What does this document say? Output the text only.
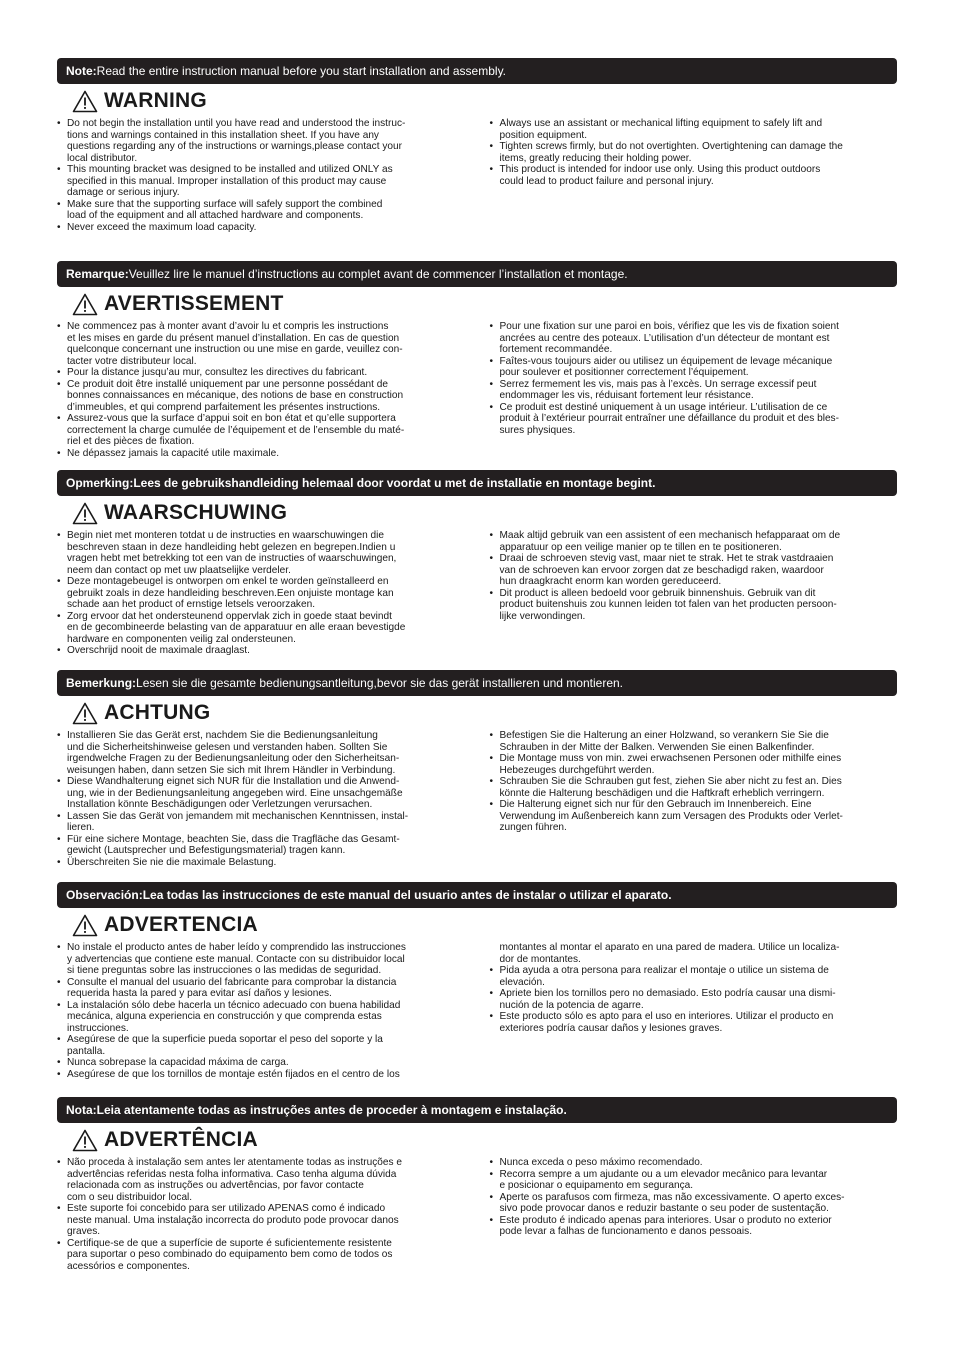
Note: Read the entire instruction manual before you start installation and assembly.
WARNING
• Do not begin the installation until you have read and understood the instruc-
tions and warnings contained in this installation sheet. If you have any
questions regarding any of the instructions or warnings,please contact your
local distributor.
• This mounting bracket was designed to be installed and utilized ONLY as
specified in this manual. Improper installation of this product may cause
damage or serious injury.
• Make sure that the supporting surface will safely support the combined
load of the equipment and all attached hardware and components.
• Never exceed the maximum load capacity.
• Always use an assistant or mechanical lifting equipment to safely lift and
position equipment.
• Tighten screws firmly, but do not overtighten. Overtightening can damage the
items, greatly reducing their holding power.
• This product is intended for indoor use only. Using this product outdoors
could lead to product failure and personal injury.
Remarque: Veuillez lire le manuel d’instructions au complet avant de commencer l’installation et montage.
AVERTISSEMENT
• Ne commencez pas à monter avant d’avoir lu et compris les instructions
et les mises en garde du présent manuel d’installation. En cas de question
quelconque concernant une instruction ou une mise en garde, veuillez con-
tacter votre distributeur local.
• Pour la distance jusqu’au mur, consultez les directives du fabricant.
• Ce produit doit être installé uniquement par une personne possédant de
bonnes connaissances en mécanique, des notions de base en construction
d’immeubles, et qui comprend parfaitement les présentes instructions.
• Assurez-vous que la surface d’appui soit en bon état et qu’elle supportera
correctement la charge cumulée de l’équipement et de l’ensemble du maté-
riel et des pièces de fixation.
• Ne dépassez jamais la capacité utile maximale.
• Pour une fixation sur une paroi en bois, vérifiez que les vis de fixation soient
ancrées au centre des poteaux. L’utilisation d’un détecteur de montant est
fortement recommandée.
• Faîtes-vous toujours aider ou utilisez un équipement de levage mécanique
pour soulever et positionner correctement l’équipement.
• Serrez fermement les vis, mais pas à l’excès. Un serrage excessif peut
endommager les vis, réduisant fortement leur résistance.
• Ce produit est destiné uniquement à un usage intérieur. L’utilisation de ce
produit à l’extérieur pourrait entraîner une défaillance du produit et des bles-
sures physiques.
Opmerking: Lees de gebruikshandleiding helemaal door voordat u met de installatie en montage begint.
WAARSCHUWING
• Begin niet met monteren totdat u de instructies en waarschuwingen die
beschreven staan in deze handleiding hebt gelezen en begrepen.Indien u
vragen hebt met betrekking tot een van de instructies of waarschuwingen,
neem dan contact op met uw plaatselijke verdeler.
• Deze montagebeugel is ontworpen om enkel te worden geïnstalleerd en
gebruikt zoals in deze handleiding beschreven.Een onjuiste montage kan
schade aan het product of ernstige letsels veroorzaken.
• Zorg ervoor dat het ondersteunend oppervlak zich in goede staat bevindt
en de gecombineerde belasting van de apparatuur en alle eraan bevestigde
hardware en componenten veilig zal ondersteunen.
• Overschrijd nooit de maximale draaglast.
• Maak altijd gebruik van een assistent of een mechanisch hefapparaat om de
apparatuur op een veilige manier op te tillen en te positioneren.
• Draai de schroeven stevig vast, maar niet te strak. Het te strak vastdraaien
van de schroeven kan ervoor zorgen dat ze beschadigd raken, waardoor
hun draagkracht enorm kan worden gereduceerd.
• Dit product is alleen bedoeld voor gebruik binnenshuis. Gebruik van dit
product buitenshuis zou kunnen leiden tot falen van het producten persoon-
lijke verwondingen.
Bemerkung: Lesen sie die gesamte bedienungsantleitung,bevor sie das gerät installieren und montieren.
ACHTUNG
• Installieren Sie das Gerät erst, nachdem Sie die Bedienungsanleitung
und die Sicherheitshinweise gelesen und verstanden haben. Sollten Sie
irgendwelche Fragen zu der Bedienungsanleitung oder den Sicherheitsan-
weisungen haben, dann setzen Sie sich mit Ihrem Händler in Verbindung.
• Diese Wandhalterung eignet sich NUR für die Installation und die Anwend-
ung, wie in der Bedienungsanleitung angegeben wird. Eine unsachgemäße
Installation könnte Beschädigungen oder Verletzungen verursachen.
• Lassen Sie das Gerät von jemandem mit mechanischen Kenntnissen, instal-
lieren.
• Für eine sichere Montage, beachten Sie, dass die Tragfläche das Gesamt-
gewicht (Lautsprecher und Befestigungsmaterial) tragen kann.
• Überschreiten Sie nie die maximale Belastung.
• Befestigen Sie die Halterung an einer Holzwand, so verankern Sie Sie die
Schrauben in der Mitte der Balken. Verwenden Sie einen Balkenfinder.
• Die Montage muss von min. zwei erwachsenen Personen oder mithilfe eines
Hebezeuges durchgeführt werden.
• Schrauben Sie die Schrauben gut fest, ziehen Sie aber nicht zu fest an. Dies
könnte die Halterung beschädigen und die Haftkraft erheblich verringern.
• Die Halterung eignet sich nur für den Gebrauch im Innenbereich. Eine
Verwendung im Außenbereich kann zum Versagen des Produkts oder Verlet-
zungen führen.
Observación: Lea todas las instrucciones de este manual del usuario antes de instalar o utilizar el aparato.
ADVERTENCIA
• No instale el producto antes de haber leído y comprendido las instrucciones
y advertencias que contiene este manual. Contacte con su distribuidor local
si tiene preguntas sobre las instrucciones o las medidas de seguridad.
• Consulte el manual del usuario del fabricante para comprobar la distancia
requerida hasta la pared y para evitar así daños y lesiones.
• La instalación sólo debe hacerla un técnico adecuado con buena habilidad
mecánica, alguna experiencia en construcción y que comprenda estas
instrucciones.
• Asegúrese de que la superficie pueda soportar el peso del soporte y la
pantalla.
• Nunca sobrepase la capacidad máxima de carga.
• Asegúrese de que los tornillos de montaje estén fijados en el centro de los
montantes al montar el aparato en una pared de madera. Utilice un localiza-
dor de montantes.
• Pida ayuda a otra persona para realizar el montaje o utilice un sistema de
elevación.
• Apriete bien los tornillos pero no demasiado. Esto podría causar una dismi-
nución de la potencia de agarre.
• Este producto sólo es apto para el uso en interiores. Utilizar el producto en
exteriores podría causar daños y lesiones graves.
Nota: Leia atentamente todas as instruções antes de proceder à montagem e instalação.
ADVERTÊNCIA
• Não proceda à instalação sem antes ler atentamente todas as instruções e
advertências referidas nesta folha informativa. Caso tenha alguma dúvida
relacionada com as instruções ou advertências, por favor contacte
com o seu distribuidor local.
• Este suporte foi concebido para ser utilizado APENAS como é indicado
neste manual. Uma instalação incorrecta do produto pode provocar danos
graves.
• Certifique-se de que a superfície de suporte é suficientemente resistente
para suportar o peso combinado do equipamento bem como de todos os
acessórios e componentes.
• Nunca exceda o peso máximo recomendado.
• Recorra sempre a um ajudante ou a um elevador mecânico para levantar
e posicionar o equipamento em segurança.
• Aperte os parafusos com firmeza, mas não excessivamente. O aperto exces-
sivo pode provocar danos e reduzir bastante o seu poder de sustentação.
• Este produto é indicado apenas para interiores. Usar o produto no exterior
pode levar a falhas de funcionamento e danos pessoais.
